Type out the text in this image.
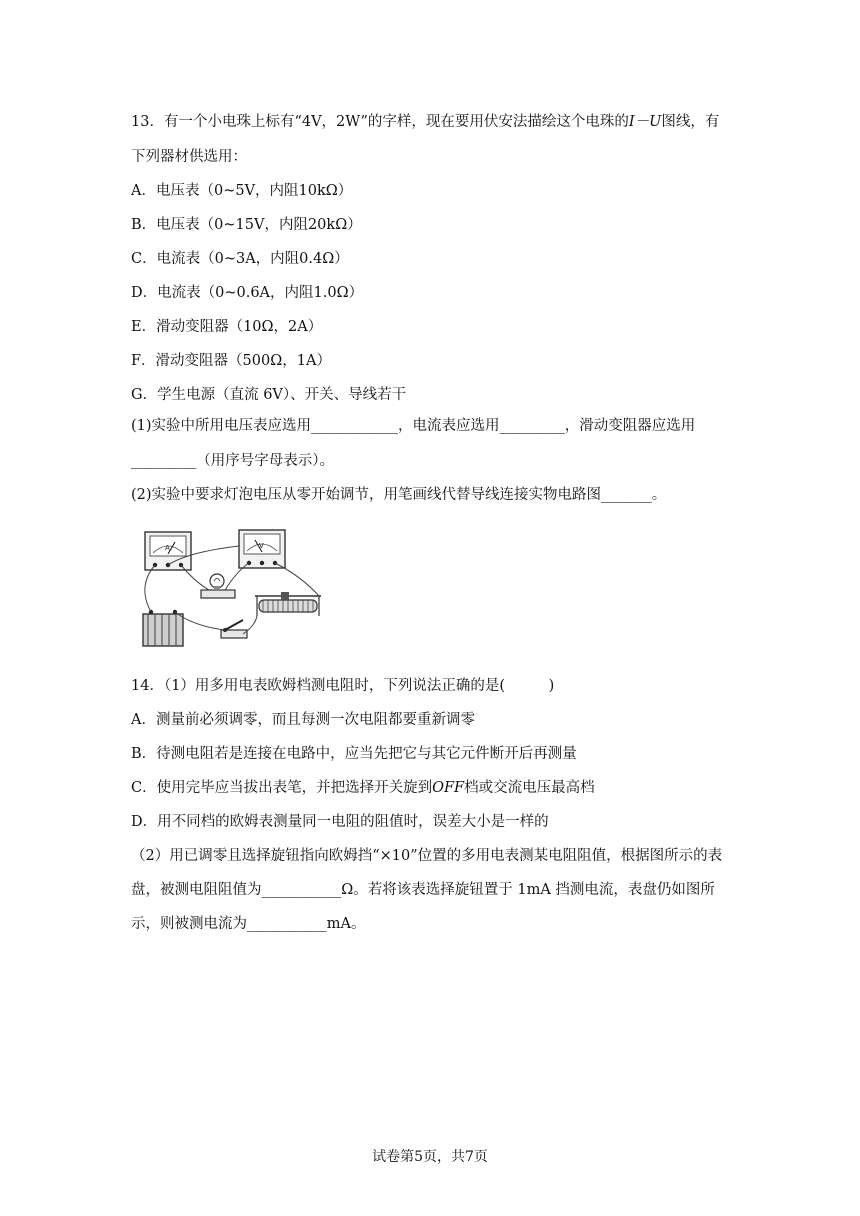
13．有一个小电珠上标有“4V，2W”的字样，现在要用伏安法描绘这个电珠的I－U图线，有
下列器材供选用：
A．电压表（0~5V，内阻10kΩ）
B．电压表（0~15V，内阻20kΩ）
C．电流表（0~3A，内阻0.4Ω）
D．电流表（0~0.6A，内阻1.0Ω）
E．滑动变阻器（10Ω，2A）
F．滑动变阻器（500Ω，1A）
G．学生电源（直流 6V）、开关、导线若干
(1)实验中所用电压表应选用____________，电流表应选用_________，滑动变阻器应选用
_________（用序号字母表示）。
(2)实验中要求灯泡电压从零开始调节，用笔画线代替导线连接实物电路图_______。
A	V
14．（1）用多用电表欧姆档测电阻时，下列说法正确的是(　　　)
A．测量前必须调零，而且每测一次电阻都要重新调零
B．待测电阻若是连接在电路中，应当先把它与其它元件断开后再测量
C．使用完毕应当拔出表笔，并把选择开关旋到OFF档或交流电压最高档
D．用不同档的欧姆表测量同一电阻的阻值时，误差大小是一样的
（2）用已调零且选择旋钮指向欧姆挡“×10”位置的多用电表测某电阻阻值，根据图所示的表
盘，被测电阻阻值为___________Ω。若将该表选择旋钮置于 1mA 挡测电流，表盘仍如图所
示，则被测电流为___________mA。
试卷第5页，共7页
